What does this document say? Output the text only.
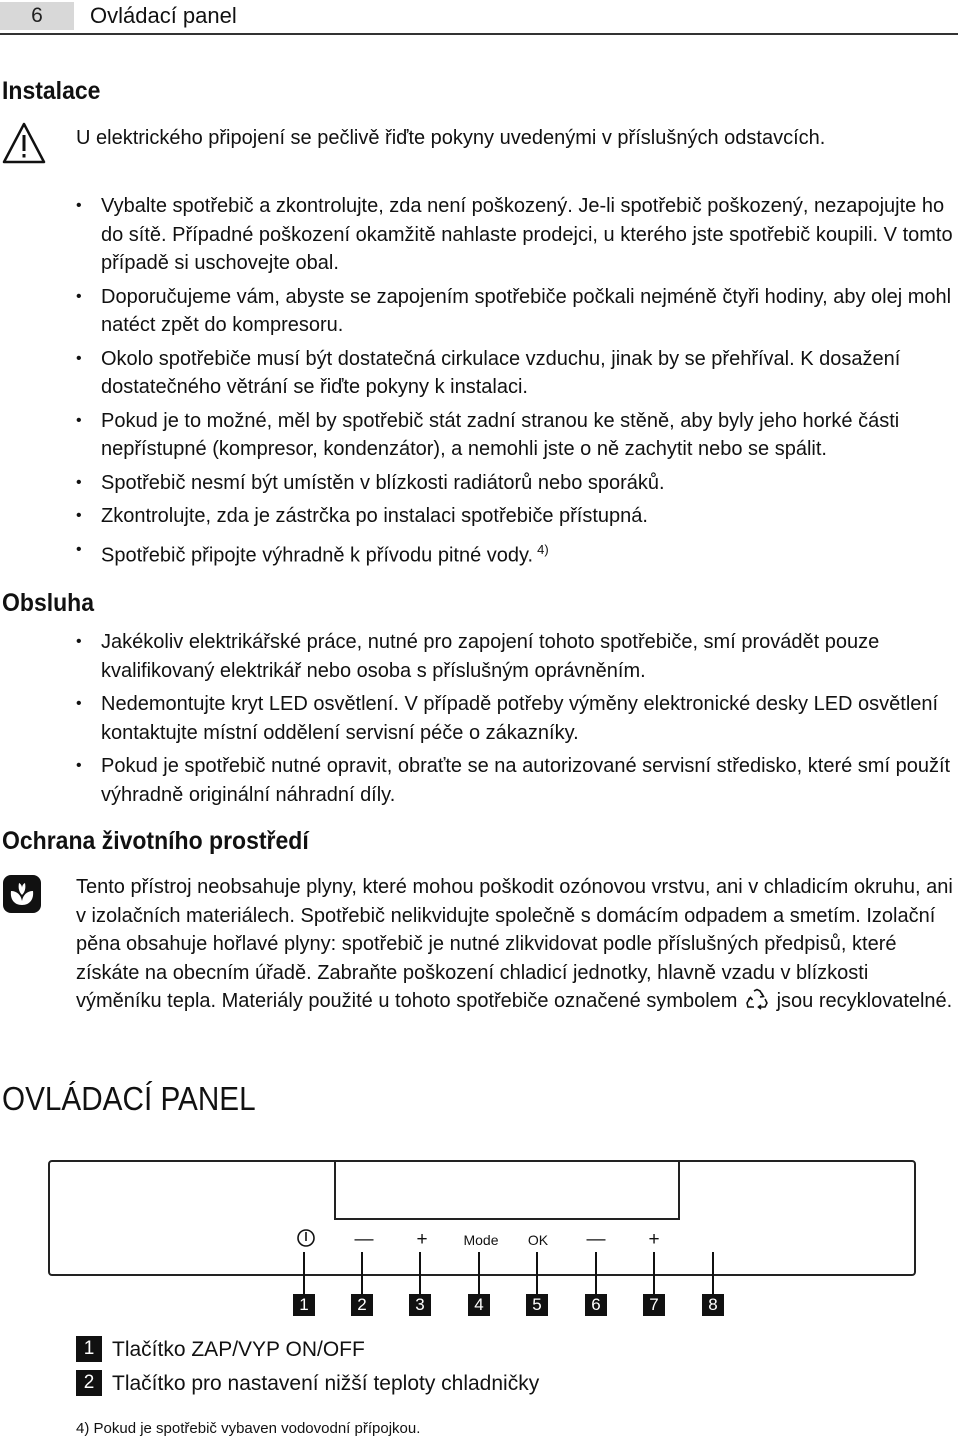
6	Ovládací panel
Instalace
U elektrického připojení se pečlivě řiďte pokyny uvedenými v příslušných odstavcích.
• Vybalte spotřebič a zkontrolujte, zda není poškozený. Je-li spotřebič poškozený, nezapojujte ho do sítě. Případné poškození okamžitě nahlaste prodejci, u kterého jste spotřebič koupili. V tomto případě si uschovejte obal.
• Doporučujeme vám, abyste se zapojením spotřebiče počkali nejméně čtyři hodiny, aby olej mohl natéct zpět do kompresoru.
• Okolo spotřebiče musí být dostatečná cirkulace vzduchu, jinak by se přehříval. K dosažení dostatečného větrání se řiďte pokyny k instalaci.
• Pokud je to možné, měl by spotřebič stát zadní stranou ke stěně, aby byly jeho horké části nepřístupné (kompresor, kondenzátor), a nemohli jste o ně zachytit nebo se spálit.
• Spotřebič nesmí být umístěn v blízkosti radiátorů nebo sporáků.
• Zkontrolujte, zda je zástrčka po instalaci spotřebiče přístupná.
• Spotřebič připojte výhradně k přívodu pitné vody. $^{4)}$
Obsluha
• Jakékoliv elektrikářské práce, nutné pro zapojení tohoto spotřebiče, smí provádět pouze kvalifikovaný elektrikář nebo osoba s příslušným oprávněním.
• Nedemontujte kryt LED osvětlení. V případě potřeby výměny elektronické desky LED osvětlení kontaktujte místní oddělení servisní péče o zákazníky.
• Pokud je spotřebič nutné opravit, obraťte se na autorizované servisní středisko, které smí použít výhradně originální náhradní díly.
Ochrana životního prostředí
Tento přístroj neobsahuje plyny, které mohou poškodit ozónovou vrstvu, ani v chladicím okruhu, ani v izolačních materiálech. Spotřebič nelikvidujte společně s domácím odpadem a smetím. Izolační pěna obsahuje hořlavé plyny: spotřebič je nutné zlikvidovat podle příslušných předpisů, které získáte na obecním úřadě. Zabraňte poškození chladicí jednotky, hlavně vzadu v blízkosti výměníku tepla. Materiály použité u tohoto spotřebiče označené symbolem jsou recyklovatelné.
OVLÁDACÍ PANEL
—	+	Mode	OK	—	+
1	2	3	4	5	6	7	8
1 Tlačítko ZAP/VYP ON/OFF
2 Tlačítko pro nastavení nižší teploty chladničky
4) Pokud je spotřebič vybaven vodovodní přípojkou.
